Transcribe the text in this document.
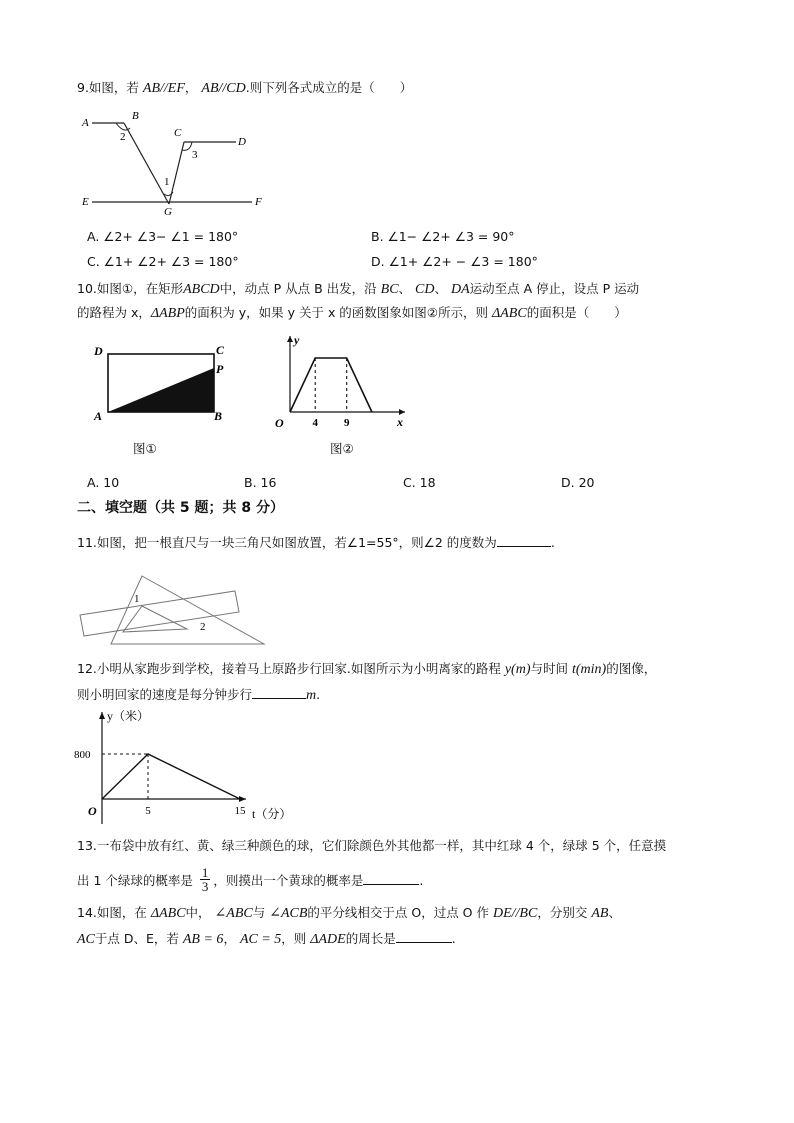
9.如图，若 AB//EF， AB//CD.则下列各式成立的是（　　）
A
B
C
D
E	F
G
2
3
1
A. ∠2+ ∠3− ∠1 = 180°	B. ∠1− ∠2+ ∠3 = 90°
C. ∠1+ ∠2+ ∠3 = 180°	D. ∠1+ ∠2+ − ∠3 = 180°
10.如图①，在矩形ABCD中，动点 P 从点 B 出发，沿 BC、 CD、 DA运动至点 A 停止，设点 P 运动
的路程为 x，ΔABP的面积为 y，如果 y 关于 x 的函数图象如图②所示，则 ΔABC的面积是（　　）
D	C
P
A	B
图①
y
O	4 9	x
图②
A. 10	B. 16	C. 18	D. 20
二、填空题（共 5 题；共 8 分）
11.如图，把一根直尺与一块三角尺如图放置，若∠1=55°，则∠2 的度数为	.
1
2
12.小明从家跑步到学校，接着马上原路步行回家.如图所示为小明离家的路程 y(m)与时间 t(min)的图像，
则小明回家的速度是每分钟步行	m.
y（米）
t（分）
O
800
5	15
13.一布袋中放有红、黄、绿三种颜色的球，它们除颜色外其他都一样，其中红球 4 个，绿球 5 个，任意摸
出 1 个绿球的概率是 $\frac{1}{3}$ ，则摸出一个黄球的概率是	.
14.如图，在 ΔABC中， ∠ABC与 ∠ACB的平分线相交于点 O，过点 O 作 DE//BC，分别交 AB、
AC于点 D、E，若 AB = 6， AC = 5，则 ΔADE的周长是	.
